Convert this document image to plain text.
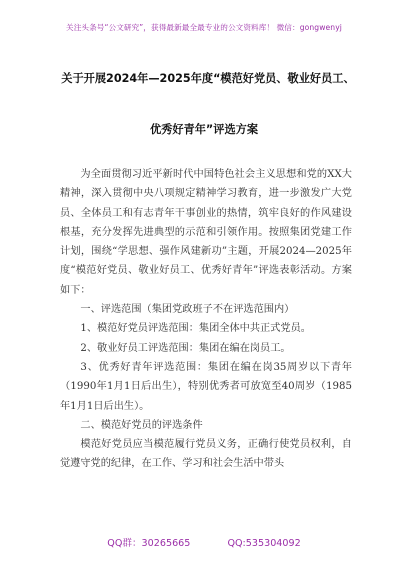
关注头条号“公文研究”，获得最新最全最专业的公文资料库！ 微信：gongwenyj
关于开展2024年—2025年度“模范好党员、敬业好员工、
优秀好青年”评选方案

为全面贯彻习近平新时代中国特色社会主义思想和党的XX大精神，深入贯彻中央八项规定精神学习教育，进一步激发广大党员、全体员工和有志青年干事创业的热情，筑牢良好的作风建设根基，充分发挥先进典型的示范和引领作用。按照集团党建工作计划，围绕“学思想、强作风建新功”主题，开展2024—2025年度“模范好党员、敬业好员工、优秀好青年”评选表彰活动。方案如下：

一、评选范围（集团党政班子不在评选范围内）

1、模范好党员评选范围：集团全体中共正式党员。

2、敬业好员工评选范围：集团在编在岗员工。

3、优秀好青年评选范围：集团在编在岗35周岁以下青年（1990年1月1日后出生），特别优秀者可放宽至40周岁（1985年1月1日后出生）。

二、模范好党员的评选条件

模范好党员应当模范履行党员义务，正确行使党员权利，自觉遵守党的纪律，在工作、学习和社会生活中带头

QQ群：30265665	QQ:535304092
